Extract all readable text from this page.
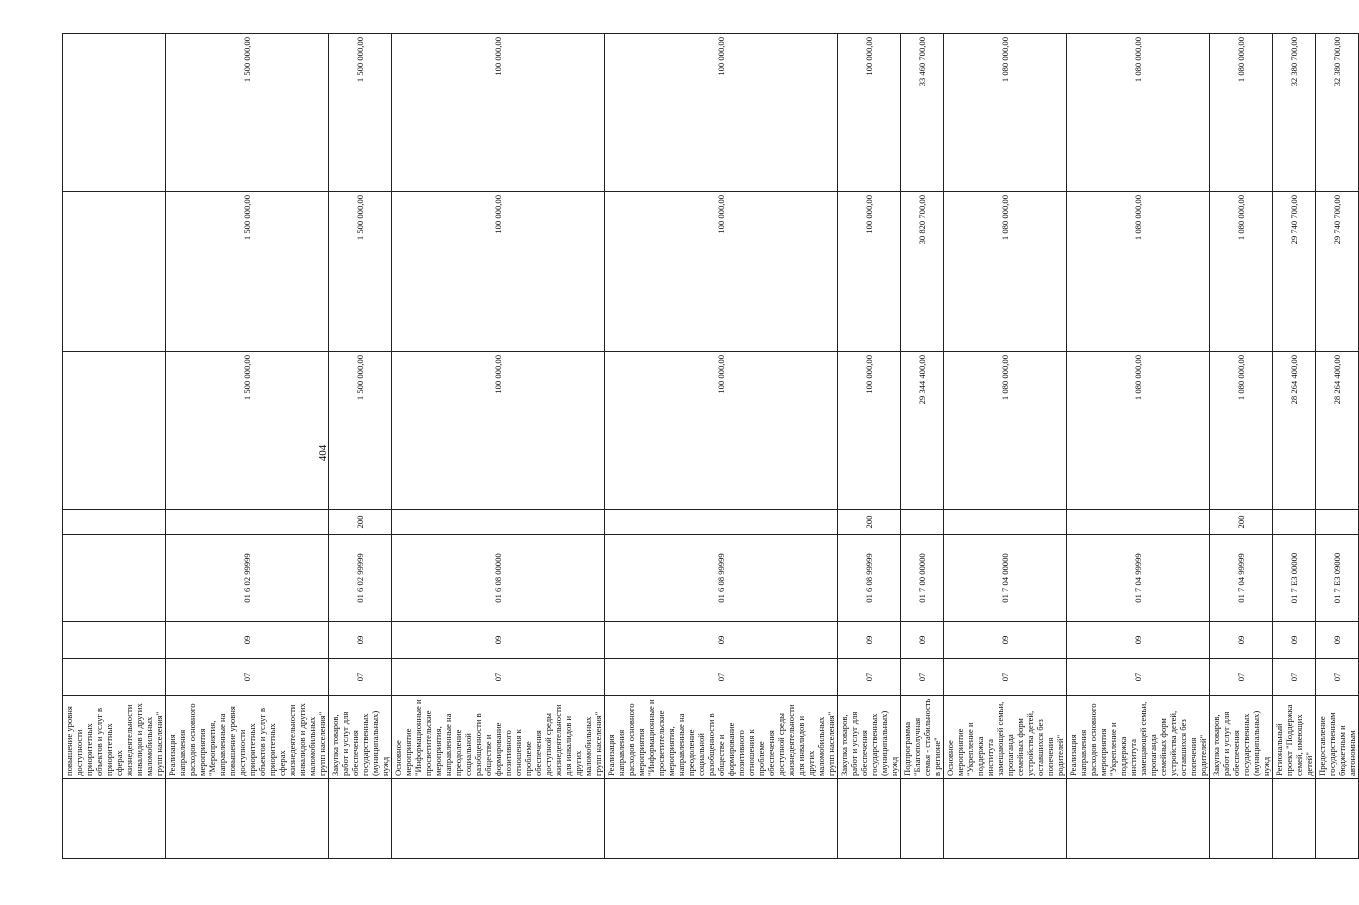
404
	повышение уровня доступности приоритетных объектов и услуг в приоритетных сферах жизнедеятельности инвалидов и других маломобильных групп населения"							
	Реализация направления расходов основного мероприятия "Мероприятия, направленные на повышение уровня доступности приоритетных объектов и услуг в приоритетных сферах жизнедеятельности инвалидов и других маломобильных групп населения"	07	09	01 6 02 99999		1 500 000,00	1 500 000,00	1 500 000,00
	Закупка товаров, работ и услуг для обеспечения государственных (муниципальных) нужд	07	09	01 6 02 99999	200	1 500 000,00	1 500 000,00	1 500 000,00
	Основное мероприятие "Информационные и просветительские мероприятия, направленные на преодоление социальной разобщенности в обществе и формирование позитивного отношения к проблеме обеспечения доступной среды жизнедеятельности для инвалидов и других маломобильных групп населения"	07	09	01 6 08 00000		100 000,00	100 000,00	100 000,00
	Реализация направления расходов основного мероприятия "Информационные и просветительские мероприятия, направленные на преодоление социальной разобщенности в обществе и формирование позитивного отношения к проблеме обеспечения доступной среды жизнедеятельности для инвалидов и других маломобильных групп населения"	07	09	01 6 08 99999		100 000,00	100 000,00	100 000,00
	Закупка товаров, работ и услуг для обеспечения государственных (муниципальных) нужд	07	09	01 6 08 99999	200	100 000,00	100 000,00	100 000,00
	Подпрограмма "Благополучная семья - стабильность в регионе"	07	09	01 7 00 00000		29 344 400,00	30 820 700,00	33 460 700,00
	Основное мероприятие "Укрепление и поддержка института замещающей семьи, пропаганда семейных форм устройства детей, оставшихся без попечения родителей"	07	09	01 7 04 00000		1 080 000,00	1 080 000,00	1 080 000,00
	Реализация направления расходов основного мероприятия "Укрепление и поддержка института замещающей семьи, пропаганда семейных форм устройства детей, оставшихся без попечения родителей"	07	09	01 7 04 99999		1 080 000,00	1 080 000,00	1 080 000,00
	Закупка товаров, работ и услуг для обеспечения государственных (муниципальных) нужд	07	09	01 7 04 99999	200	1 080 000,00	1 080 000,00	1 080 000,00
	Региональный проект "Поддержка семей, имеющих детей"	07	09	01 7 E3 00000		28 264 400,00	29 740 700,00	32 380 700,00
	Предоставление государственным бюджетным и автономным	07	09	01 7 E3 09000		28 264 400,00	29 740 700,00	32 380 700,00
